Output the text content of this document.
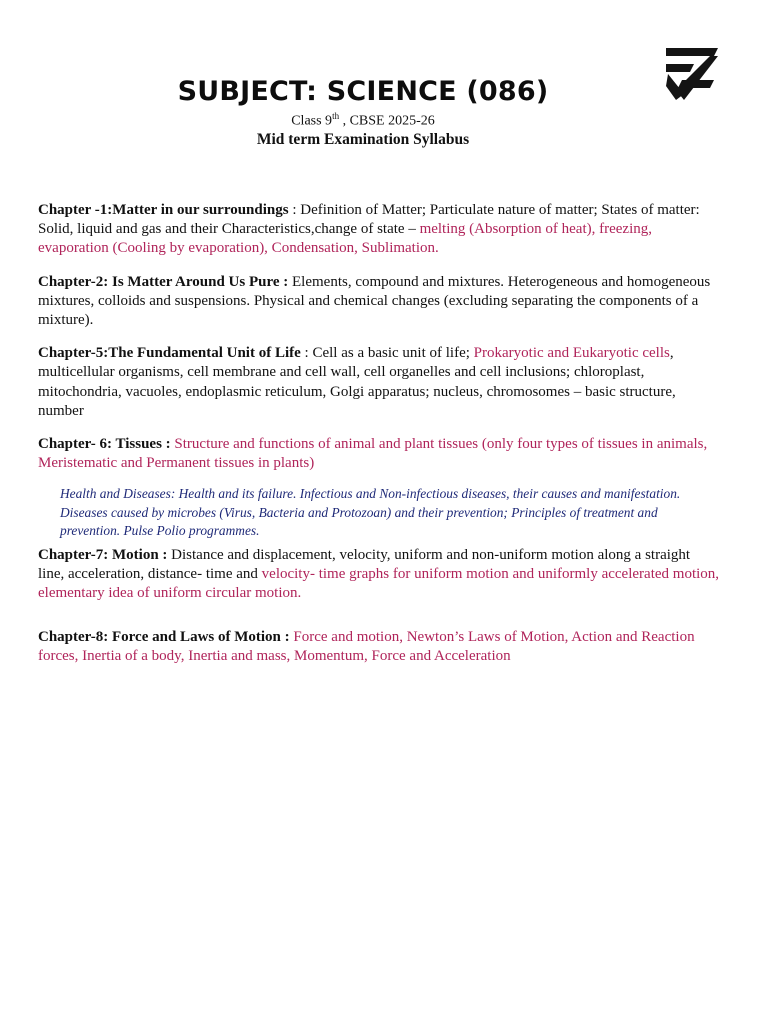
SUBJECT: SCIENCE (086)
Class 9th , CBSE 2025-26
Mid term Examination Syllabus

Chapter -1:Matter in our surroundings : Definition of Matter; Particulate nature of matter; States of matter: Solid, liquid and gas and their Characteristics,change of state – melting (Absorption of heat), freezing, evaporation (Cooling by evaporation), Condensation, Sublimation.

Chapter-2: Is Matter Around Us Pure : Elements, compound and mixtures. Heterogeneous and homogeneous mixtures, colloids and suspensions. Physical and chemical changes (excluding separating the components of a mixture).

Chapter-5:The Fundamental Unit of Life : Cell as a basic unit of life; Prokaryotic and Eukaryotic cells, multicellular organisms, cell membrane and cell wall, cell organelles and cell inclusions; chloroplast, mitochondria, vacuoles, endoplasmic reticulum, Golgi apparatus; nucleus, chromosomes – basic structure, number

Chapter- 6: Tissues : Structure and functions of animal and plant tissues (only four types of tissues in animals, Meristematic and Permanent tissues in plants)

Health and Diseases: Health and its failure. Infectious and Non-infectious diseases, their causes and manifestation. Diseases caused by microbes (Virus, Bacteria and Protozoan) and their prevention; Principles of treatment and prevention. Pulse Polio programmes.

Chapter-7: Motion : Distance and displacement, velocity, uniform and non-uniform motion along a straight line, acceleration, distance- time and velocity- time graphs for uniform motion and uniformly accelerated motion, elementary idea of uniform circular motion.

Chapter-8: Force and Laws of Motion : Force and motion, Newton’s Laws of Motion, Action and Reaction forces, Inertia of a body, Inertia and mass, Momentum, Force and Acceleration
